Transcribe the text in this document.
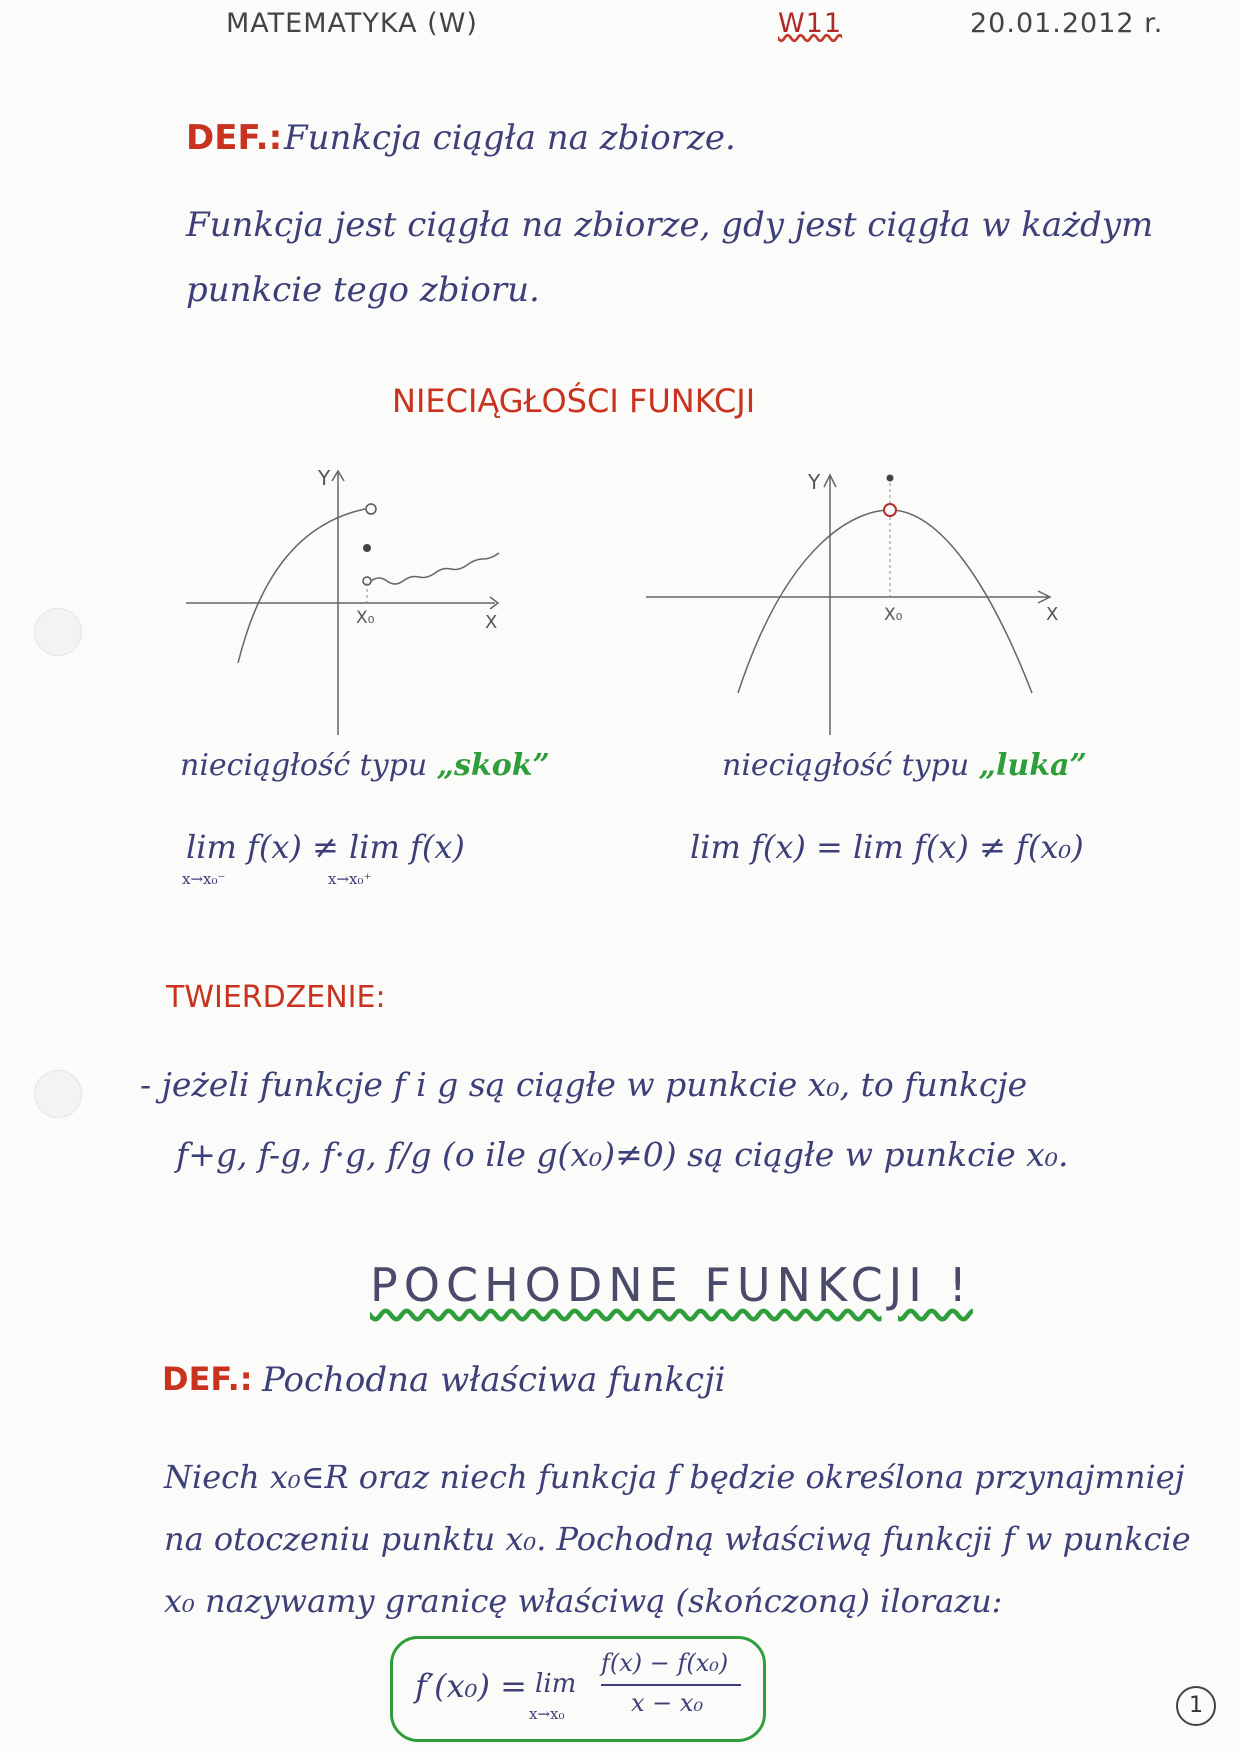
MATEMATYKA (W)	W11	20.01.2012 r.
DEF.: Funkcja ciągła na zbiorze.
Funkcja jest ciągła na zbiorze, gdy jest ciągła w każdym
punkcie tego zbioru.
NIECIĄGŁOŚCI FUNKCJI
Y
X
X₀
Y
X
X₀
nieciągłość typu „skok”	nieciągłość typu „luka”
lim f(x) ≠ lim f(x)
x→x₀⁻	x→x₀⁺
lim f(x) = lim f(x) ≠ f(x₀)
TWIERDZENIE:
- jeżeli funkcje f i g są ciągłe w punkcie x₀, to funkcje
f+g, f-g, f·g, f/g (o ile g(x₀)≠0) są ciągłe w punkcie x₀.
POCHODNE FUNKCJI !
DEF.: Pochodna właściwa funkcji
Niech x₀∈R oraz niech funkcja f będzie określona przynajmniej
na otoczeniu punktu x₀. Pochodną właściwą funkcji f w punkcie
x₀ nazywamy granicę właściwą (skończoną) ilorazu:
f′(x₀) = lim
x→x₀
f(x) − f(x₀)
x − x₀	1
